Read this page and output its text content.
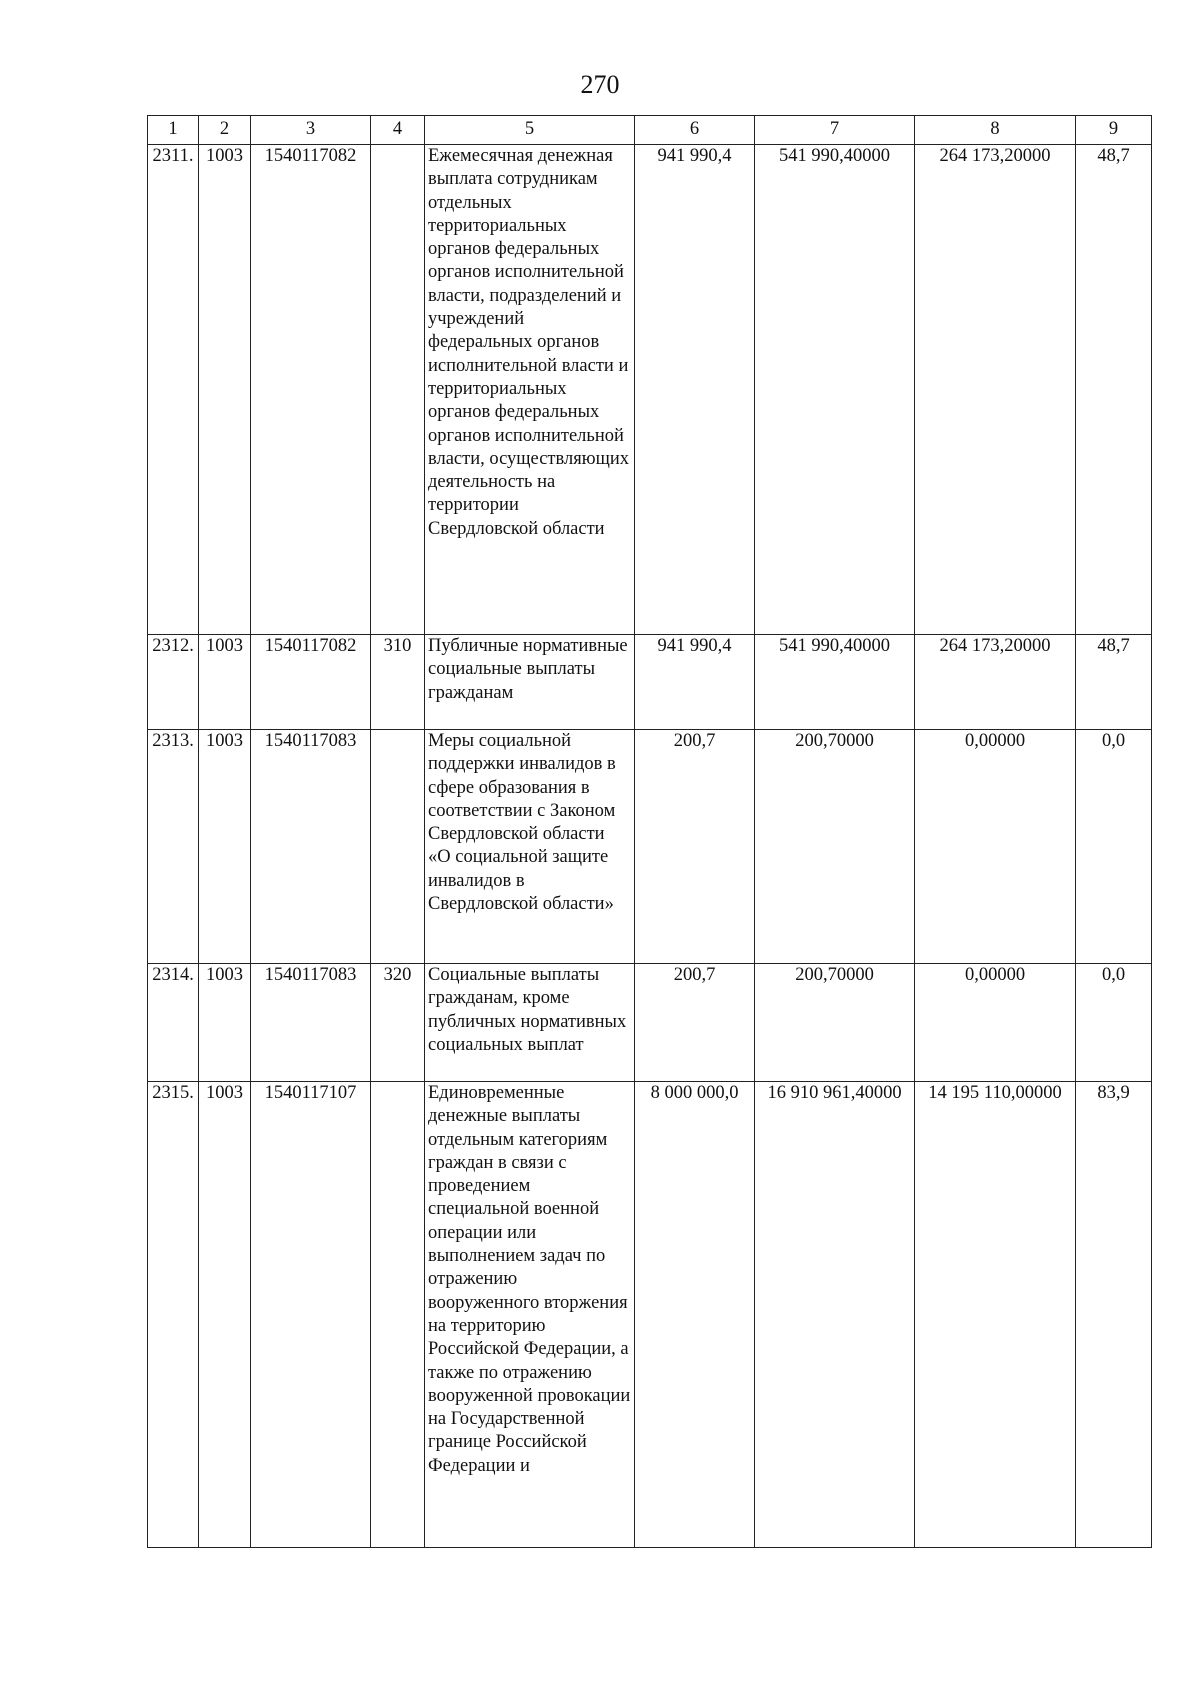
270
1	2	3	4	5	6	7	8	9
2311.	1003	1540117082		Ежемесячная денежная выплата сотрудникам отдельных территориальных органов федеральных органов исполнительной власти, подразделений и учреждений федеральных органов исполнительной власти и территориальных органов федеральных органов исполнительной власти, осуществляющих деятельность на территории Свердловской области	941 990,4	541 990,40000	264 173,20000	48,7
2312.	1003	1540117082	310	Публичные нормативные социальные выплаты гражданам	941 990,4	541 990,40000	264 173,20000	48,7
2313.	1003	1540117083		Меры социальной поддержки инвалидов в сфере образования в соответствии с Законом Свердловской области «О социальной защите инвалидов в Свердловской области»	200,7	200,70000	0,00000	0,0
2314.	1003	1540117083	320	Социальные выплаты гражданам, кроме публичных нормативных социальных выплат	200,7	200,70000	0,00000	0,0
2315.	1003	1540117107		Единовременные денежные выплаты отдельным категориям граждан в связи с проведением специальной военной операции или выполнением задач по отражению вооруженного вторжения на территорию Российской Федерации, а также по отражению вооруженной провокации на Государственной границе Российской Федерации и	8 000 000,0	16 910 961,40000	14 195 110,00000	83,9
